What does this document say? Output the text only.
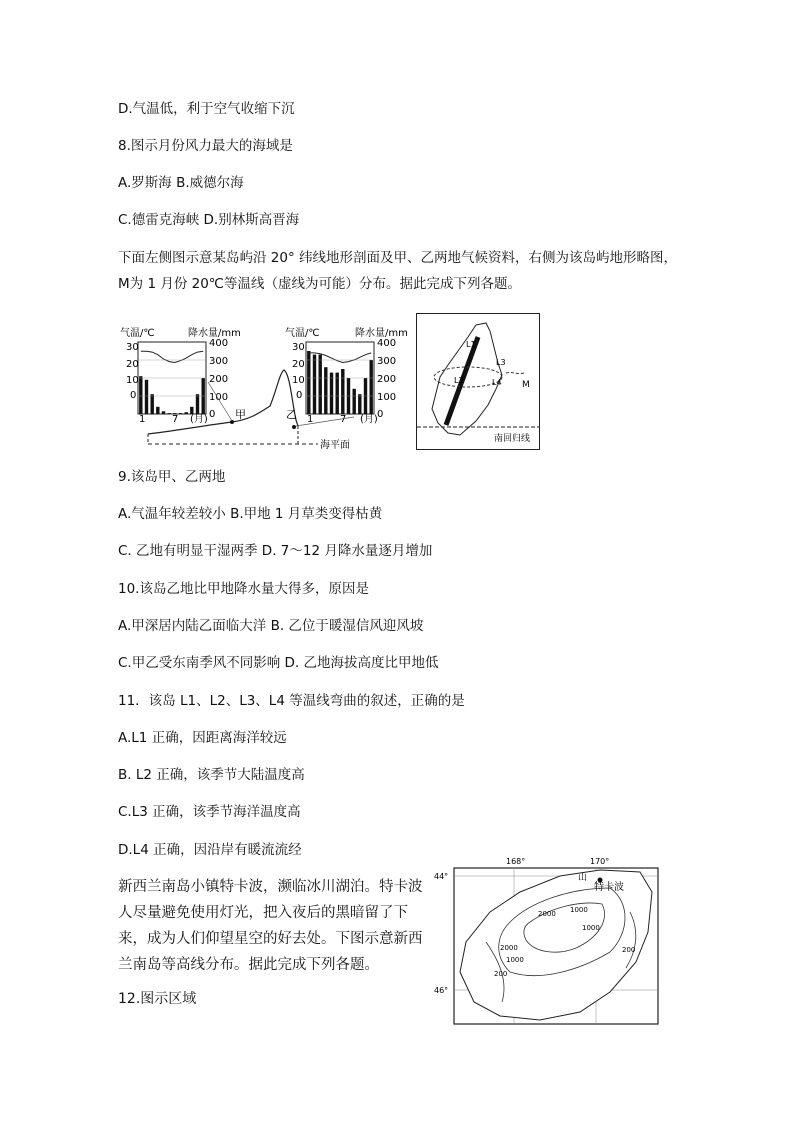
D.气温低，利于空气收缩下沉
8.图示月份风力最大的海域是
A.罗斯海 B.威德尔海
C.德雷克海峡 D.别林斯高晋海
下面左侧图示意某岛屿沿 20° 纬线地形剖面及甲、乙两地气候资料，右侧为该岛屿地形略图， M为 1 月份 20℃等温线（虚线为可能）分布。据此完成下列各题。
气温/℃	降水量/mm
30
20
10
0
400
300
200
100
0
1	7 (月)
气温/℃	降水量/mm
30
20
10
0
400
300
200
100
0
1	7 (月)
甲	乙
海平面
L1
L2
L3
L4 M
南回归线
9.该岛甲、乙两地
A.气温年较差较小 B.甲地 1 月草类变得枯黄
C. 乙地有明显干湿两季 D. 7～12 月降水量逐月增加
10.该岛乙地比甲地降水量大得多，原因是
A.甲深居内陆乙面临大洋 B. 乙位于暖湿信风迎风坡
C.甲乙受东南季风不同影响 D. 乙地海拔高度比甲地低
11．该岛 L1、L2、L3、L4 等温线弯曲的叙述，正确的是
A.L1 正确，因距离海洋较远
B. L2 正确，该季节大陆温度高
C.L3 正确，该季节海洋温度高
D.L4 正确，因沿岸有暖流流经
新西兰南岛小镇特卡波，濒临冰川湖泊。特卡波人尽量避免使用灯光，把入夜后的黑暗留了下来，成为人们仰望星空的好去处。下图示意新西兰南岛等高线分布。据此完成下列各题。
12.图示区域
168°	170°
44°
46°
特卡波
山
2000 1000
1000
200
2000
1000
200
